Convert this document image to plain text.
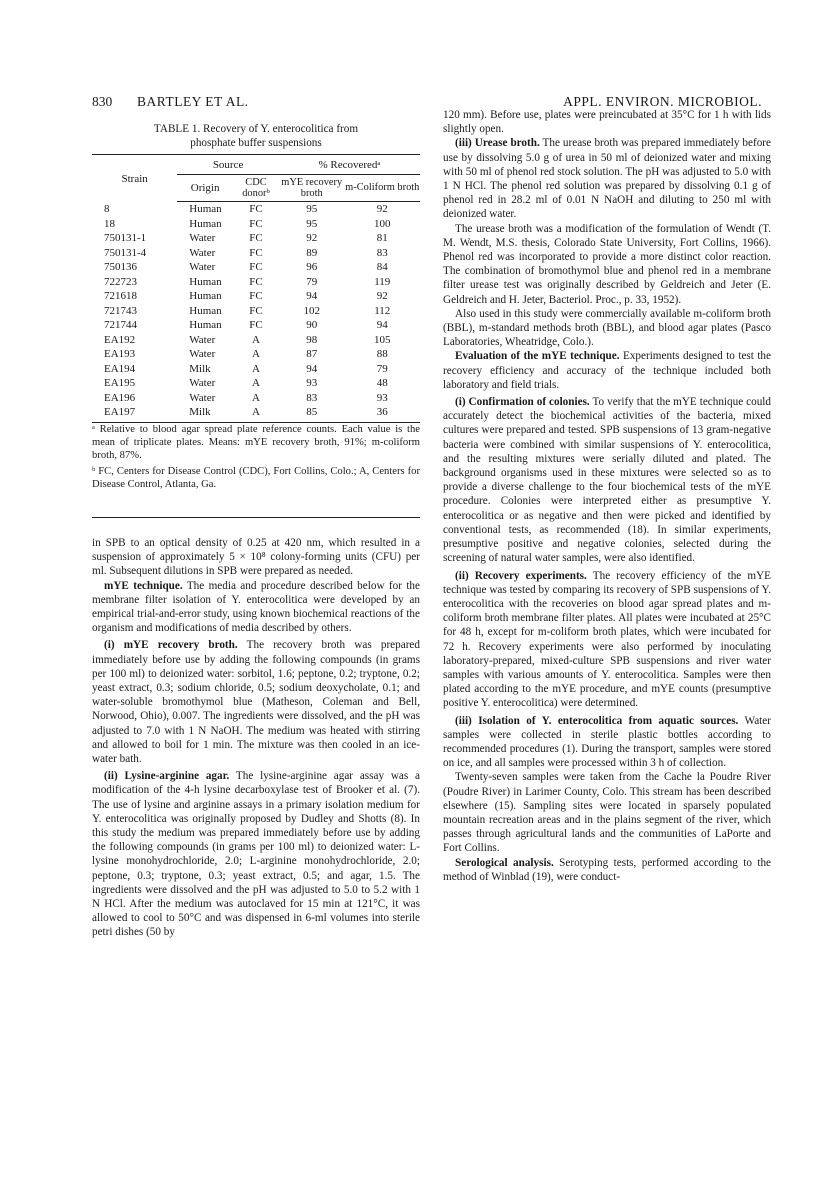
830 BARTLEY ET AL.	APPL. ENVIRON. MICROBIOL.
TABLE 1. Recovery of Y. enterocolitica from
phosphate buffer suspensions

Strain	Source		% Recoveredᵃ	
	Origin	CDC donorᵇ	mYE recovery broth	m-Coliform broth
8	Human	FC	95	92
18	Human	FC	95	100
750131-1	Water	FC	92	81
750131-4	Water	FC	89	83
750136	Water	FC	96	84
722723	Human	FC	79	119
721618	Human	FC	94	92
721743	Human	FC	102	112
721744	Human	FC	90	94
EA192	Water	A	98	105
EA193	Water	A	87	88
EA194	Milk	A	94	79
EA195	Water	A	93	48
EA196	Water	A	83	93
EA197	Milk	A	85	36

ᵃ Relative to blood agar spread plate reference counts. Each value is the mean of triplicate plates. Means: mYE recovery broth, 91%; m-coliform broth, 87%.

ᵇ FC, Centers for Disease Control (CDC), Fort Collins, Colo.; A, Centers for Disease Control, Atlanta, Ga.

in SPB to an optical density of 0.25 at 420 nm, which resulted in a suspension of approximately 5 × 10⁸ colony-forming units (CFU) per ml. Subsequent dilutions in SPB were prepared as needed.

mYE technique. The media and procedure described below for the membrane filter isolation of Y. enterocolitica were developed by an empirical trial-and-error study, using known biochemical reactions of the organism and modifications of media described by others.

(i) mYE recovery broth. The recovery broth was prepared immediately before use by adding the following compounds (in grams per 100 ml) to deionized water: sorbitol, 1.6; peptone, 0.2; tryptone, 0.2; yeast extract, 0.3; sodium chloride, 0.5; sodium deoxycholate, 0.1; and water-soluble bromothymol blue (Matheson, Coleman and Bell, Norwood, Ohio), 0.007. The ingredients were dissolved, and the pH was adjusted to 7.0 with 1 N NaOH. The medium was heated with stirring and allowed to boil for 1 min. The mixture was then cooled in an ice-water bath.

(ii) Lysine-arginine agar. The lysine-arginine agar assay was a modification of the 4-h lysine decarboxylase test of Brooker et al. (7). The use of lysine and arginine assays in a primary isolation medium for Y. enterocolitica was originally proposed by Dudley and Shotts (8). In this study the medium was prepared immediately before use by adding the following compounds (in grams per 100 ml) to deionized water: L-lysine monohydrochloride, 2.0; L-arginine monohydrochloride, 2.0; peptone, 0.3; tryptone, 0.3; yeast extract, 0.5; and agar, 1.5. The ingredients were dissolved and the pH was adjusted to 5.0 to 5.2 with 1 N HCl. After the medium was autoclaved for 15 min at 121°C, it was allowed to cool to 50°C and was dispensed in 6-ml volumes into sterile petri dishes (50 by

120 mm). Before use, plates were preincubated at 35°C for 1 h with lids slightly open.

(iii) Urease broth. The urease broth was prepared immediately before use by dissolving 5.0 g of urea in 50 ml of deionized water and mixing with 50 ml of phenol red stock solution. The pH was adjusted to 5.0 with 1 N HCl. The phenol red solution was prepared by dissolving 0.1 g of phenol red in 28.2 ml of 0.01 N NaOH and diluting to 250 ml with deionized water.

The urease broth was a modification of the formulation of Wendt (T. M. Wendt, M.S. thesis, Colorado State University, Fort Collins, 1966). Phenol red was incorporated to provide a more distinct color reaction. The combination of bromothymol blue and phenol red in a membrane filter urease test was originally described by Geldreich and Jeter (E. Geldreich and H. Jeter, Bacteriol. Proc., p. 33, 1952).

Also used in this study were commercially available m-coliform broth (BBL), m-standard methods broth (BBL), and blood agar plates (Pasco Laboratories, Wheatridge, Colo.).

Evaluation of the mYE technique. Experiments designed to test the recovery efficiency and accuracy of the technique included both laboratory and field trials.

(i) Confirmation of colonies. To verify that the mYE technique could accurately detect the biochemical activities of the bacteria, mixed cultures were prepared and tested. SPB suspensions of 13 gram-negative bacteria were combined with similar suspensions of Y. enterocolitica, and the resulting mixtures were serially diluted and plated. The background organisms used in these mixtures were selected so as to provide a diverse challenge to the four biochemical tests of the mYE procedure. Colonies were interpreted either as presumptive Y. enterocolitica or as negative and then were picked and identified by conventional tests, as recommended (18). In similar experiments, presumptive positive and negative colonies, selected during the screening of natural water samples, were also identified.

(ii) Recovery experiments. The recovery efficiency of the mYE technique was tested by comparing its recovery of SPB suspensions of Y. enterocolitica with the recoveries on blood agar spread plates and m-coliform broth membrane filter plates. All plates were incubated at 25°C for 48 h, except for m-coliform broth plates, which were incubated for 72 h. Recovery experiments were also performed by inoculating laboratory-prepared, mixed-culture SPB suspensions and river water samples with various amounts of Y. enterocolitica. Samples were then plated according to the mYE procedure, and mYE counts (presumptive positive Y. enterocolitica) were determined.

(iii) Isolation of Y. enterocolitica from aquatic sources. Water samples were collected in sterile plastic bottles according to recommended procedures (1). During the transport, samples were stored on ice, and all samples were processed within 3 h of collection.

Twenty-seven samples were taken from the Cache la Poudre River (Poudre River) in Larimer County, Colo. This stream has been described elsewhere (15). Sampling sites were located in sparsely populated mountain recreation areas and in the plains segment of the river, which passes through agricultural lands and the communities of LaPorte and Fort Collins.

Serological analysis. Serotyping tests, performed according to the method of Winblad (19), were conduct-
